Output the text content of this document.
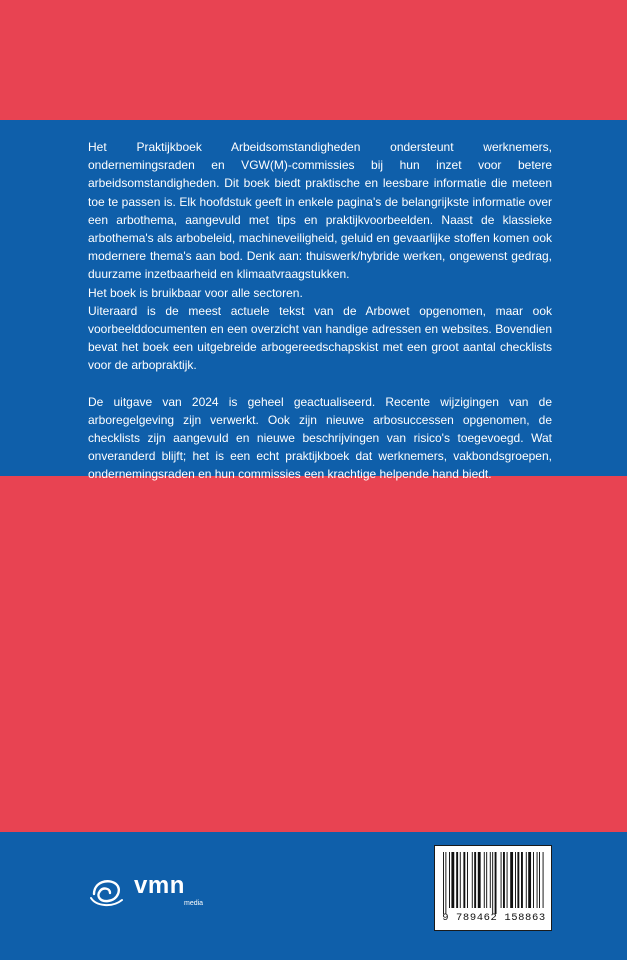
Het Praktijkboek Arbeidsomstandigheden ondersteunt werknemers, ondernemingsraden en VGW(M)-commissies bij hun inzet voor betere arbeidsomstandigheden. Dit boek biedt praktische en leesbare informatie die meteen toe te passen is. Elk hoofdstuk geeft in enkele pagina's de belangrijkste informatie over een arbothema, aangevuld met tips en praktijkvoorbeelden. Naast de klassieke arbothema's als arbobeleid, machineveiligheid, geluid en gevaarlijke stoffen komen ook modernere thema's aan bod. Denk aan: thuiswerk/hybride werken, ongewenst gedrag, duurzame inzetbaarheid en klimaatvraagstukken.

Het boek is bruikbaar voor alle sectoren.

Uiteraard is de meest actuele tekst van de Arbowet opgenomen, maar ook voorbeelddocumenten en een overzicht van handige adressen en websites. Bovendien bevat het boek een uitgebreide arbogereedschapskist met een groot aantal checklists voor de arbopraktijk.

De uitgave van 2024 is geheel geactualiseerd. Recente wijzigingen van de arboregelgeving zijn verwerkt. Ook zijn nieuwe arbosuccessen opgenomen, de checklists zijn aangevuld en nieuwe beschrijvingen van risico's toegevoegd. Wat onveranderd blijft; het is een echt praktijkboek dat werknemers, vakbondsgroepen, ondernemingsraden en hun commissies een krachtige helpende hand biedt.

vmn
media
9 789462 158863
